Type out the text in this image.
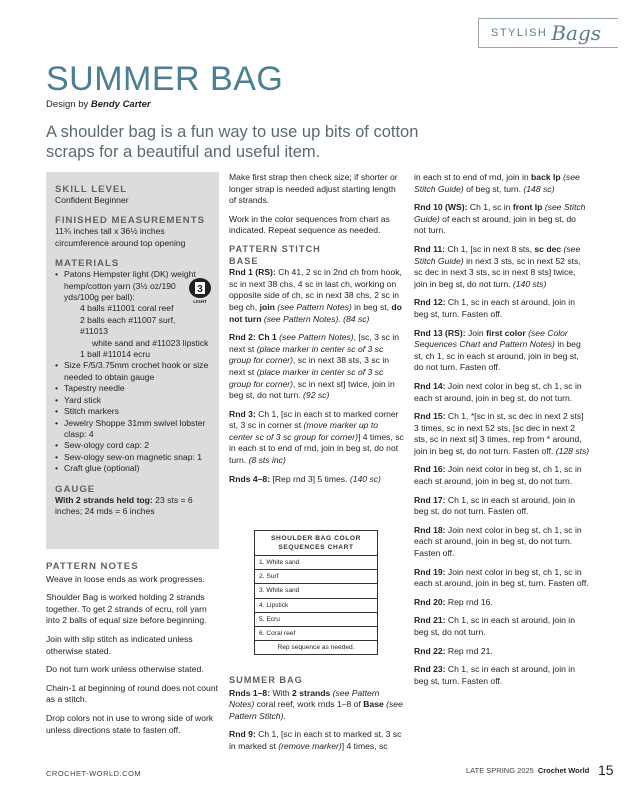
STYLISH Bags
SUMMER BAG
Design by Bendy Carter
A shoulder bag is a fun way to use up bits of cotton scraps for a beautiful and useful item.
SKILL LEVEL
Confident Beginner
FINISHED MEASUREMENTS
11¾ inches tall x 36½ inches circumference around top opening
MATERIALS
• Patons Hempster light (DK) weight hemp/cotton yarn (3½ oz/190 yds/100g per ball):
4 balls #11001 coral reef
2 balls each #11007 surf, #11013
white sand and #11023 lipstick
1 ball #11014 ecru
• Size F/5/3.75mm crochet hook or size needed to obtain gauge
• Tapestry needle
• Yard stick
• Stitch markers
• Jewelry Shoppe 31mm swivel lobster clasp: 4
• Sew-ology cord cap: 2
• Sew-ology sew-on magnetic snap: 1
• Craft glue (optional)
GAUGE
With 2 strands held tog: 23 sts = 6 inches; 24 mds = 6 inches
3
LIGHT
PATTERN NOTES

Weave in loose ends as work progresses.

Shoulder Bag is worked holding 2 strands together. To get 2 strands of ecru, roll yarn into 2 balls of equal size before beginning.

Join with slip stitch as indicated unless otherwise stated.

Do not turn work unless otherwise stated.

Chain-1 at beginning of round does not count as a stitch.

Drop colors not in use to wrong side of work unless directions state to fasten off.

Make first strap then check size; if shorter or longer strap is needed adjust starting length of strands.

Work in the color sequences from chart as indicated. Repeat sequence as needed.

PATTERN STITCH
BASE

Rnd 1 (RS): Ch 41, 2 sc in 2nd ch from hook, sc in next 38 chs, 4 sc in last ch, working on opposite side of ch, sc in next 38 chs, 2 sc in beg ch, join (see Pattern Notes) in beg st, do not turn (see Pattern Notes). (84 sc)

Rnd 2: Ch 1 (see Pattern Notes), [sc, 3 sc in next st (place marker in center sc of 3 sc group for corner), sc in next 38 sts, 3 sc in next st (place marker in center sc of 3 sc group for corner), sc in next st] twice, join in beg st, do not turn. (92 sc)

Rnd 3: Ch 1, [sc in each st to marked corner st, 3 sc in corner st (move marker up to center sc of 3 sc group for corner)] 4 times, sc in each st to end of rnd, join in beg st, do not turn. (8 sts inc)

Rnds 4–8: [Rep rnd 3] 5 times. (140 sc)

SHOULDER BAG COLOR SEQUENCES CHART
1. White sand
2. Surf
3. White sand
4. Lipstick
5. Ecru
6. Coral reef
Rep sequence as needed.
SUMMER BAG

Rnds 1–8: With 2 strands (see Pattern Notes) coral reef, work rnds 1–8 of Base (see Pattern Stitch).

Rnd 9: Ch 1, [sc in each st to marked st, 3 sc in marked st (remove marker)] 4 times, sc

in each st to end of rnd, join in back lp (see Stitch Guide) of beg st, turn. (148 sc)

Rnd 10 (WS): Ch 1, sc in front lp (see Stitch Guide) of each st around, join in beg st, do not turn.

Rnd 11: Ch 1, [sc in next 8 sts, sc dec (see Stitch Guide) in next 3 sts, sc in next 52 sts, sc dec in next 3 sts, sc in next 8 sts] twice, join in beg st, do not turn. (140 sts)

Rnd 12: Ch 1, sc in each st around, join in beg st, turn. Fasten off.

Rnd 13 (RS): Join first color (see Color Sequences Chart and Pattern Notes) in beg st, ch 1, sc in each st around, join in beg st, do not turn. Fasten off.

Rnd 14: Join next color in beg st, ch 1, sc in each st around, join in beg st, do not turn.

Rnd 15: Ch 1, *[sc in st, sc dec in next 2 sts] 3 times, sc in next 52 sts, [sc dec in next 2 sts, sc in next st] 3 times, rep from * around, join in beg st, do not turn. Fasten off. (128 sts)

Rnd 16: Join next color in beg st, ch 1, sc in each st around, join in beg st, do not turn.

Rnd 17: Ch 1, sc in each st around, join in beg st, do not turn. Fasten off.

Rnd 18: Join next color in beg st, ch 1, sc in each st around, join in beg st, do not turn. Fasten off.

Rnd 19: Join next color in beg st, ch 1, sc in each st around, join in beg st, turn. Fasten off.

Rnd 20: Rep rnd 16.

Rnd 21: Ch 1, sc in each st around, join in beg st, do not turn.

Rnd 22: Rep rnd 21.

Rnd 23: Ch 1, sc in each st around, join in beg st, turn. Fasten off.

CROCHET-WORLD.COM	LATE SPRING 2025 Crochet World 15
